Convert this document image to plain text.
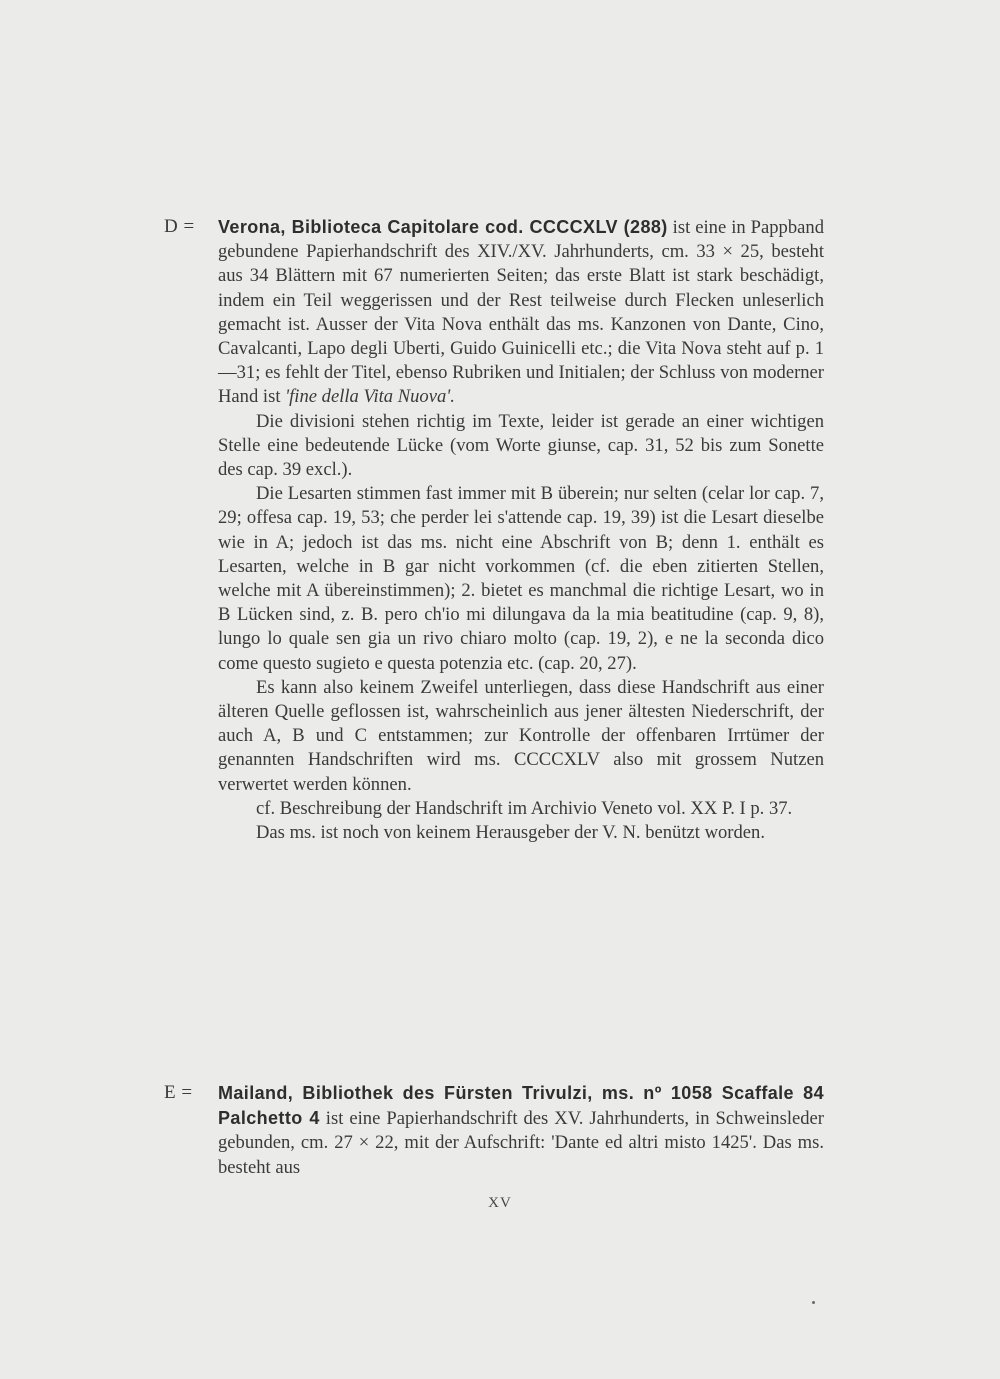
D =	Verona, Biblioteca Capitolare cod. CCCCXLV (288) ist eine in Pappband gebundene Papierhandschrift des XIV./XV. Jahrhunderts, cm. 33 × 25, besteht aus 34 Blättern mit 67 numerierten Seiten; das erste Blatt ist stark beschädigt, indem ein Teil weggerissen und der Rest teilweise durch Flecken unleserlich gemacht ist. Ausser der Vita Nova enthält das ms. Kanzonen von Dante, Cino, Cavalcanti, Lapo degli Uberti, Guido Guinicelli etc.; die Vita Nova steht auf p. 1—31; es fehlt der Titel, ebenso Rubriken und Initialen; der Schluss von moderner Hand ist 'fine della Vita Nuova'.

Die divisioni stehen richtig im Texte, leider ist gerade an einer wichtigen Stelle eine bedeutende Lücke (vom Worte giunse, cap. 31, 52 bis zum Sonette des cap. 39 excl.).

Die Lesarten stimmen fast immer mit B überein; nur selten (celar lor cap. 7, 29; offesa cap. 19, 53; che perder lei s'attende cap. 19, 39) ist die Lesart dieselbe wie in A; jedoch ist das ms. nicht eine Abschrift von B; denn 1. enthält es Lesarten, welche in B gar nicht vorkommen (cf. die eben zitierten Stellen, welche mit A übereinstimmen); 2. bietet es manchmal die richtige Lesart, wo in B Lücken sind, z. B. pero ch'io mi dilungava da la mia beatitudine (cap. 9, 8), lungo lo quale sen gia un rivo chiaro molto (cap. 19, 2), e ne la seconda dico come questo sugieto e questa potenzia etc. (cap. 20, 27).

Es kann also keinem Zweifel unterliegen, dass diese Handschrift aus einer älteren Quelle geflossen ist, wahrscheinlich aus jener ältesten Niederschrift, der auch A, B und C entstammen; zur Kontrolle der offenbaren Irrtümer der genannten Handschriften wird ms. CCCCXLV also mit grossem Nutzen verwertet werden können.

cf. Beschreibung der Handschrift im Archivio Veneto vol. XX P. I p. 37.

Das ms. ist noch von keinem Herausgeber der V. N. benützt worden.

E =	Mailand, Bibliothek des Fürsten Trivulzi, ms. nº 1058 Scaffale 84 Palchetto 4 ist eine Papierhandschrift des XV. Jahrhunderts, in Schweinsleder gebunden, cm. 27 × 22, mit der Aufschrift: 'Dante ed altri misto 1425'. Das ms. besteht aus

XV
